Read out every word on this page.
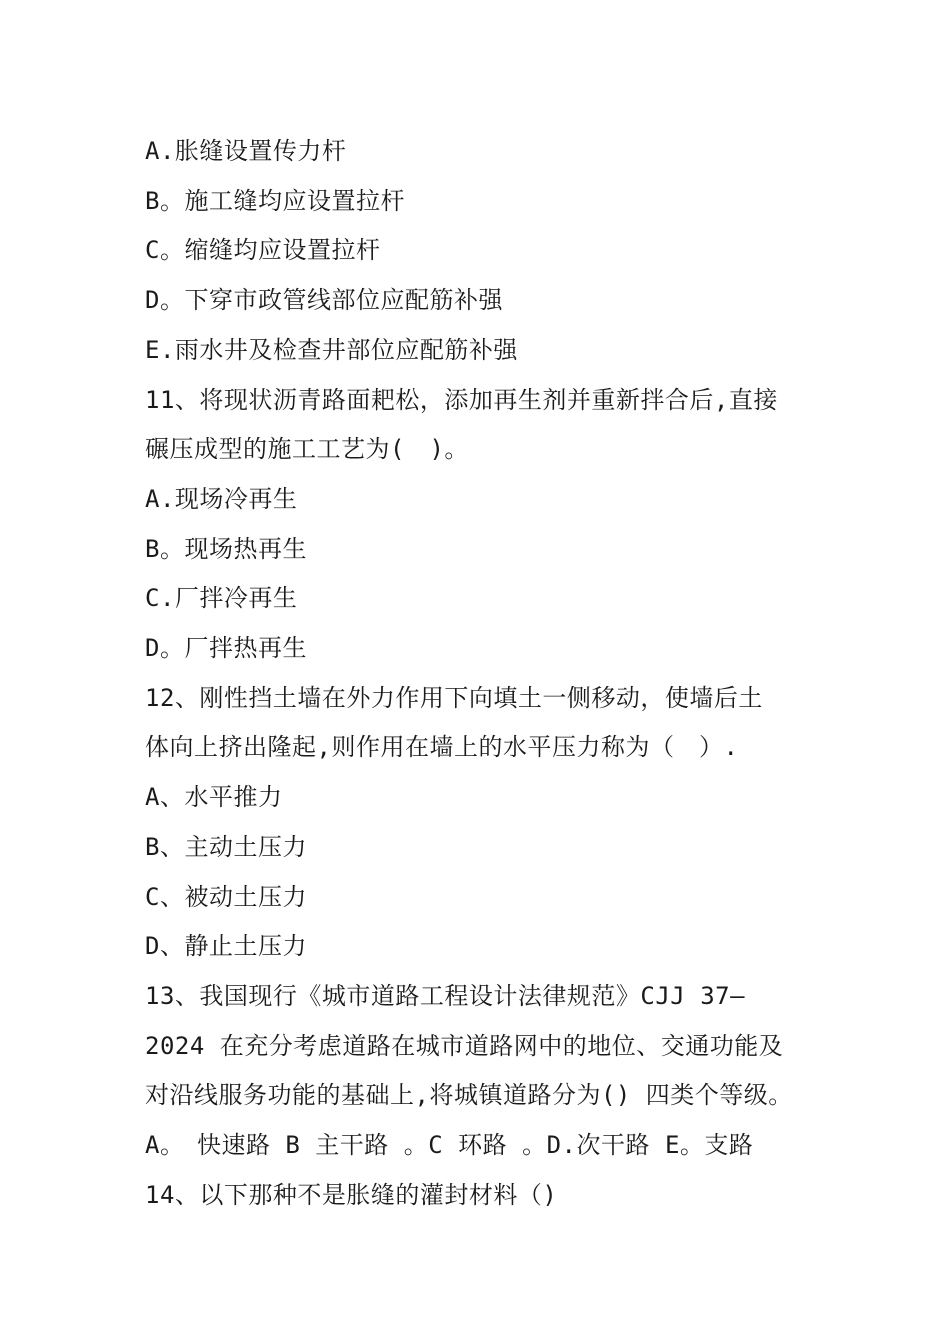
A.胀缝设置传力杆
B。施工缝均应设置拉杆
C。缩缝均应设置拉杆
D。下穿市政管线部位应配筋补强
E.雨水井及检查井部位应配筋补强
11、将现状沥青路面耙松，添加再生剂并重新拌合后,直接
碾压成型的施工工艺为(　)。
A.现场冷再生
B。现场热再生
C.厂拌冷再生
D。厂拌热再生
12、刚性挡土墙在外力作用下向填土一侧移动，使墙后土
体向上挤出隆起,则作用在墙上的水平压力称为（　）.
A、水平推力
B、主动土压力
C、被动土压力
D、静止土压力
13、我国现行《城市道路工程设计法律规范》CJJ 37—
2024 在充分考虑道路在城市道路网中的地位、交通功能及
对沿线服务功能的基础上,将城镇道路分为() 四类个等级。
A。　快速路 B 主干路 。C 环路 。D.次干路 E。支路
14、以下那种不是胀缝的灌封材料（)
